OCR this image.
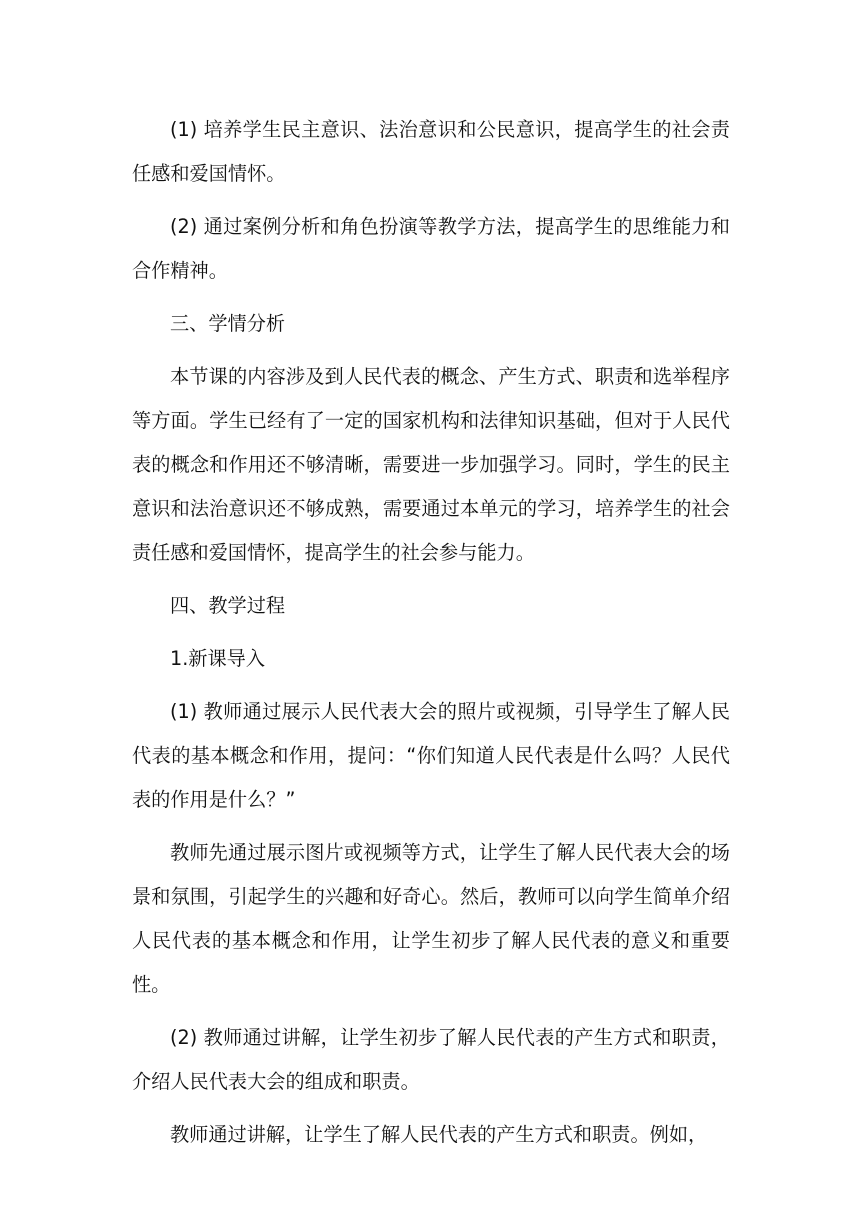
(1) 培养学生民主意识、法治意识和公民意识，提高学生的社会责任感和爱国情怀。

(2) 通过案例分析和角色扮演等教学方法，提高学生的思维能力和合作精神。

三、学情分析

本节课的内容涉及到人民代表的概念、产生方式、职责和选举程序等方面。学生已经有了一定的国家机构和法律知识基础，但对于人民代表的概念和作用还不够清晰，需要进一步加强学习。同时，学生的民主意识和法治意识还不够成熟，需要通过本单元的学习，培养学生的社会责任感和爱国情怀，提高学生的社会参与能力。

四、教学过程

1.新课导入

(1) 教师通过展示人民代表大会的照片或视频，引导学生了解人民代表的基本概念和作用，提问：“你们知道人民代表是什么吗？人民代表的作用是什么？”

教师先通过展示图片或视频等方式，让学生了解人民代表大会的场景和氛围，引起学生的兴趣和好奇心。然后，教师可以向学生简单介绍人民代表的基本概念和作用，让学生初步了解人民代表的意义和重要性。

(2) 教师通过讲解，让学生初步了解人民代表的产生方式和职责，介绍人民代表大会的组成和职责。

教师通过讲解，让学生了解人民代表的产生方式和职责。例如，
